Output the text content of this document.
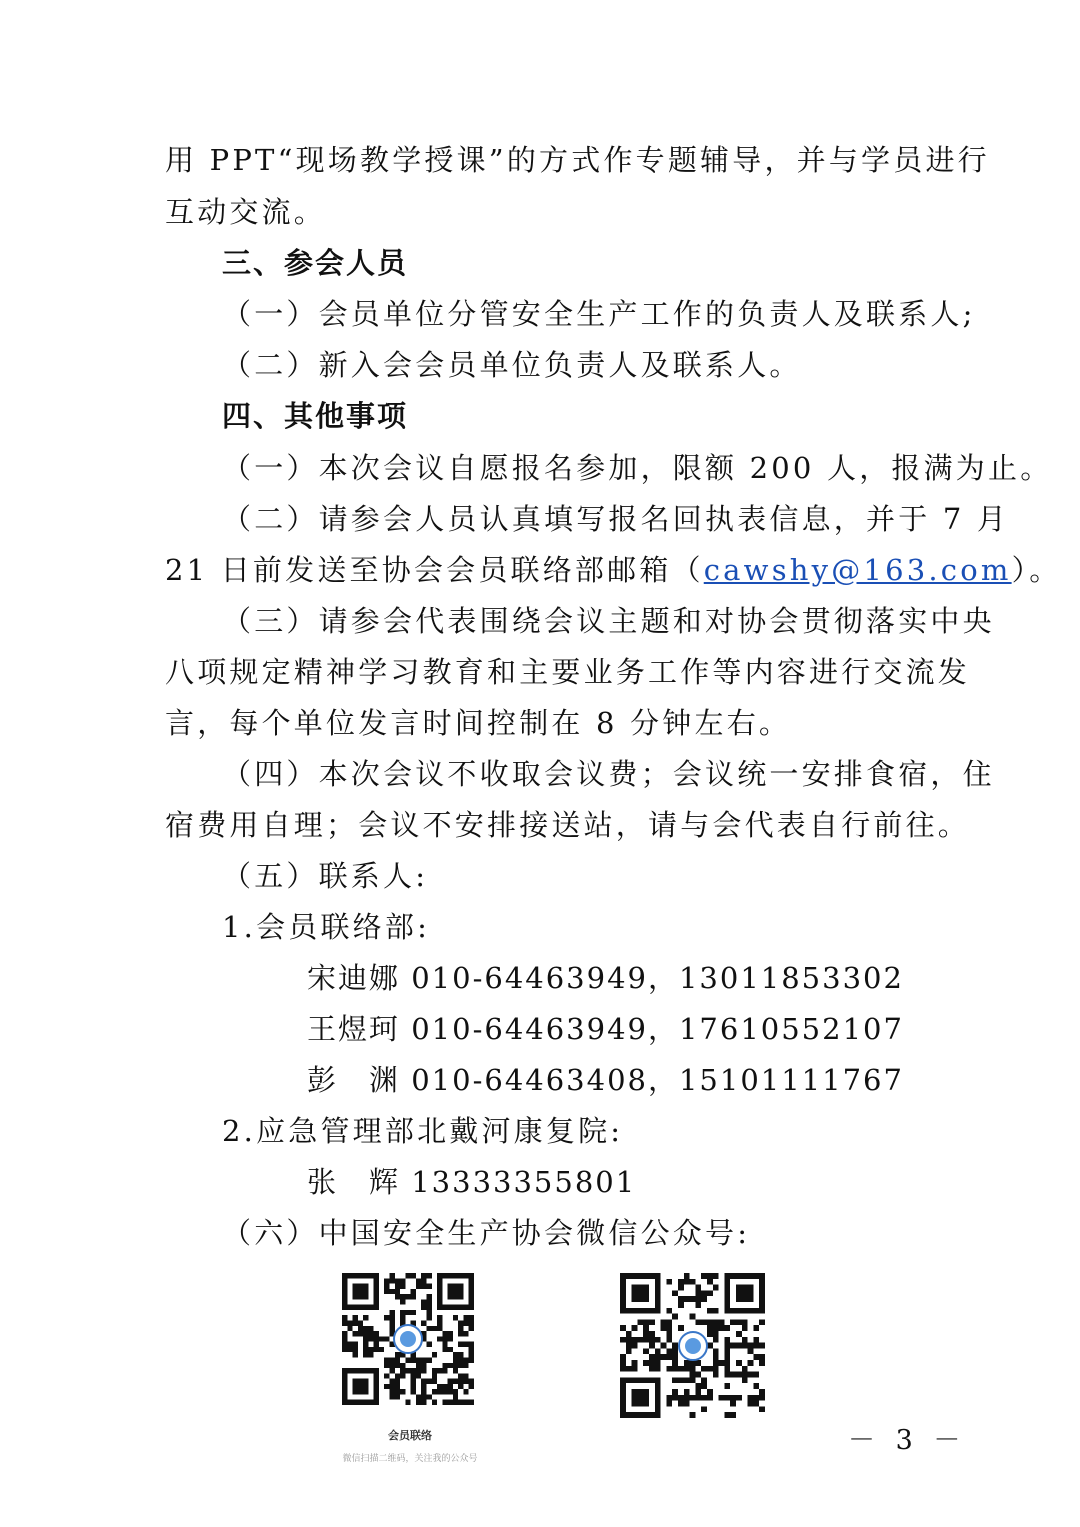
用 PPT“现场教学授课”的方式作专题辅导，并与学员进行
互动交流。
三、参会人员
（一）会员单位分管安全生产工作的负责人及联系人;
（二）新入会会员单位负责人及联系人。
四、其他事项
（一）本次会议自愿报名参加，限额 200 人，报满为止。
（二）请参会人员认真填写报名回执表信息，并于 7 月
21 日前发送至协会会员联络部邮箱（cawshy@163.com）。
（三）请参会代表围绕会议主题和对协会贯彻落实中央
八项规定精神学习教育和主要业务工作等内容进行交流发
言，每个单位发言时间控制在 8 分钟左右。
（四）本次会议不收取会议费；会议统一安排食宿，住
宿费用自理；会议不安排接送站，请与会代表自行前往。
（五）联系人:
1.会员联络部:
宋迪娜 010-64463949，13011853302
王煜珂 010-64463949，17610552107
彭　渊 010-64463408，15101111767
2.应急管理部北戴河康复院:
张　辉 13333355801
（六）中国安全生产协会微信公众号:
会员联络
微信扫描二维码，关注我的公众号
－ 3 －
